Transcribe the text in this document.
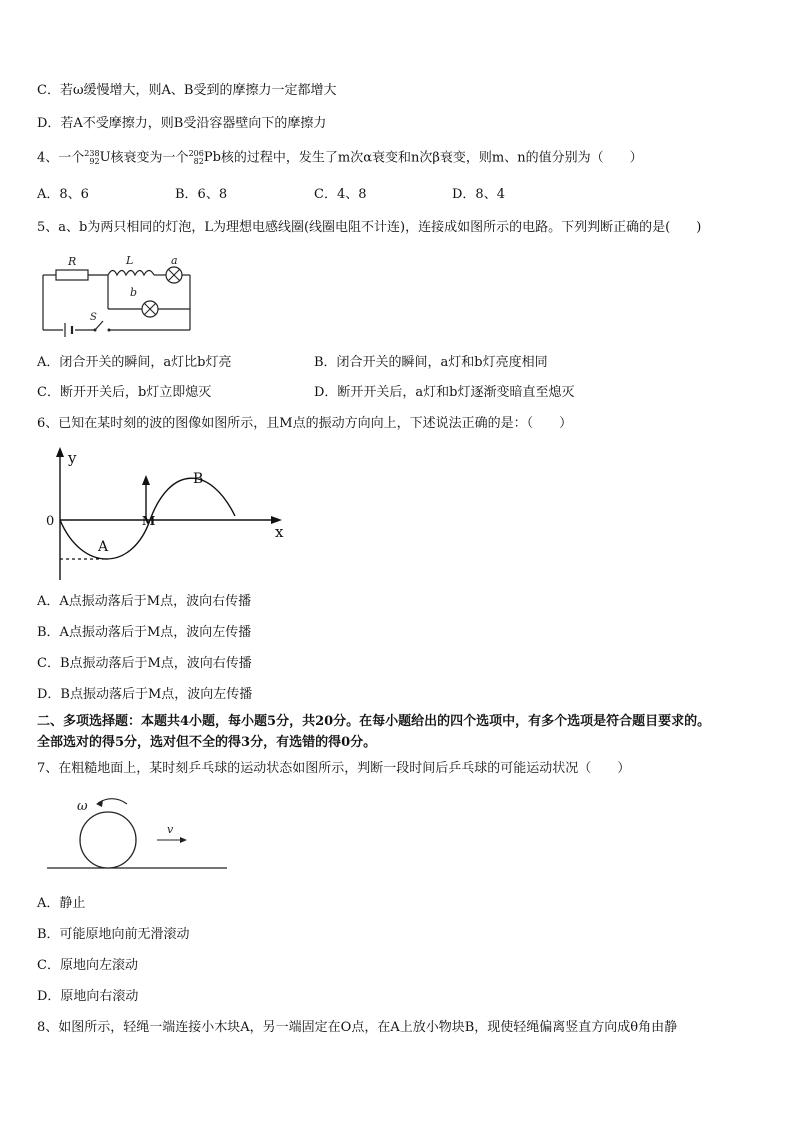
C．若ω缓慢增大，则A、B受到的摩擦力一定都增大
D．若A不受摩擦力，则B受沿容器壁向下的摩擦力
4、一个 238
92 U 核衰变为一个 206
82 Pb 核的过程中，发生了m次α衰变和n次β衰变，则m、n的值分别为（　　）
A．8、6	B．6、8	C．4、8	D．8、4
5、a、b为两只相同的灯泡，L为理想电感线圈(线圈电阻不计连)，连接成如图所示的电路。下列判断正确的是(　　)
R	L	a
b
S
A．闭合开关的瞬间，a灯比b灯亮	B．闭合开关的瞬间，a灯和b灯亮度相同
C．断开开关后，b灯立即熄灭	D．断开开关后，a灯和b灯逐渐变暗直至熄灭
6、已知在某时刻的波的图像如图所示，且M点的振动方向向上，下述说法正确的是：（　　）
y
x
0
A
B
M
A．A点振动落后于M点，波向右传播
B．A点振动落后于M点，波向左传播
C．B点振动落后于M点，波向右传播
D．B点振动落后于M点，波向左传播
二、多项选择题：本题共4小题，每小题5分，共20分。在每小题给出的四个选项中，有多个选项是符合题目要求的。
全部选对的得5分，选对但不全的得3分，有选错的得0分。
7、在粗糙地面上，某时刻乒乓球的运动状态如图所示，判断一段时间后乒乓球的可能运动状况（　　）
ω
v
A．静止
B．可能原地向前无滑滚动
C．原地向左滚动
D．原地向右滚动
8、如图所示，轻绳一端连接小木块A，另一端固定在O点，在A上放小物块B，现使轻绳偏离竖直方向成θ角由静
